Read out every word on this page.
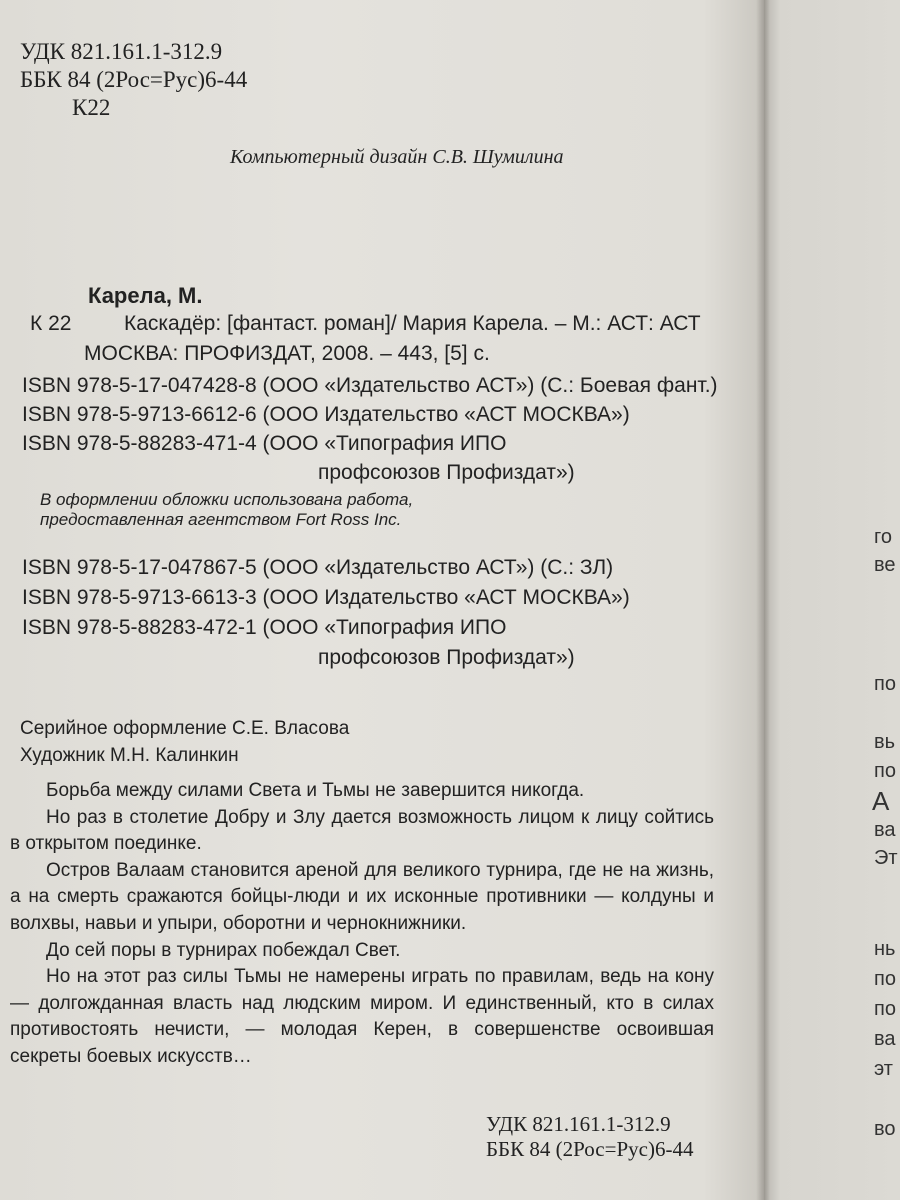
УДК 821.161.1-312.9
ББК 84 (2Рос=Рус)6-44
К22
Компьютерный дизайн С.В. Шумилина
Карела, М.
К 22	Каскадёр: [фантаст. роман]/ Мария Карела. – М.: АСТ: АСТ
МОСКВА: ПРОФИЗДАТ, 2008. – 443, [5] с.
ISBN 978-5-17-047428-8 (ООО «Издательство АСТ») (С.: Боевая фант.)
ISBN 978-5-9713-6612-6 (ООО Издательство «АСТ МОСКВА»)
ISBN 978-5-88283-471-4 (ООО «Типография ИПО
профсоюзов Профиздат»)
В оформлении обложки использована работа,
предоставленная агентством Fort Ross Inc.
ISBN 978-5-17-047867-5 (ООО «Издательство АСТ») (С.: ЗЛ)
ISBN 978-5-9713-6613-3 (ООО Издательство «АСТ МОСКВА»)
ISBN 978-5-88283-472-1 (ООО «Типография ИПО
профсоюзов Профиздат»)
Серийное оформление С.Е. Власова
Художник М.Н. Калинкин

Борьба между силами Света и Тьмы не завершится никогда.

Но раз в столетие Добру и Злу дается возможность лицом к лицу сойтись в открытом поединке.

Остров Валаам становится ареной для великого турнира, где не на жизнь, а на смерть сражаются бойцы-люди и их исконные противники — колдуны и волхвы, навьи и упыри, оборотни и чернокнижники.

До сей поры в турнирах побеждал Свет.

Но на этот раз силы Тьмы не намерены играть по правилам, ведь на кону — долгожданная власть над людским миром. И единственный, кто в силах противостоять нечисти, — молодая Керен, в совершенстве освоившая секреты боевых искусств…

УДК 821.161.1-312.9
ББК 84 (2Рос=Рус)6-44
го
ве
по
вь
по
А
ва
Эт
нь
по
по
ва
эт
во
